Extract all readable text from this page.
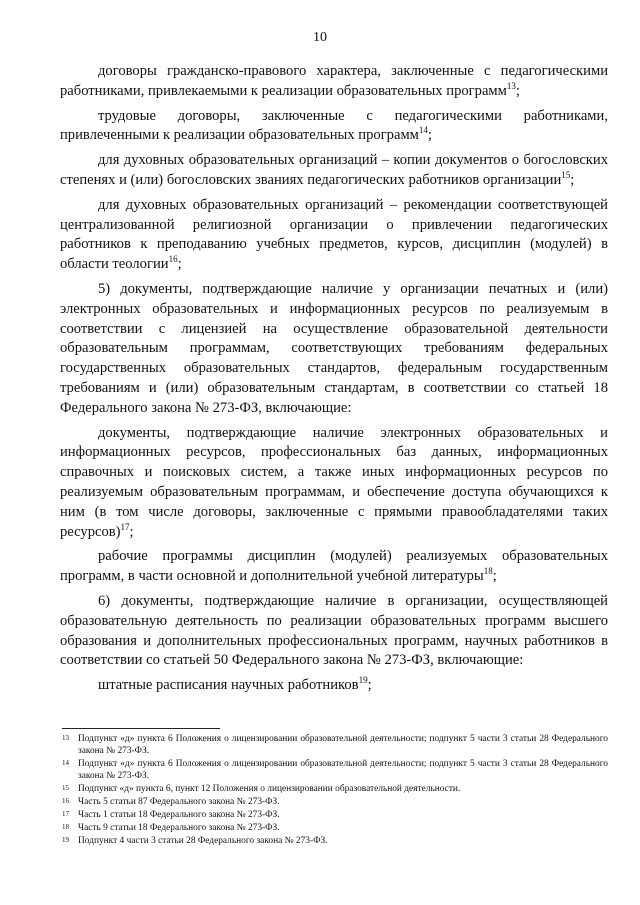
10

договоры гражданско-правового характера, заключенные с педагогическими работниками, привлекаемыми к реализации образовательных программ$^{13}$;

трудовые договоры, заключенные с педагогическими работниками, привлеченными к реализации образовательных программ$^{14}$;

для духовных образовательных организаций – копии документов о богословских степенях и (или) богословских званиях педагогических работников организации$^{15}$;

для духовных образовательных организаций – рекомендации соответствующей централизованной религиозной организации о привлечении педагогических работников к преподаванию учебных предметов, курсов, дисциплин (модулей) в области теологии$^{16}$;

5) документы, подтверждающие наличие у организации печатных и (или) электронных образовательных и информационных ресурсов по реализуемым в соответствии с лицензией на осуществление образовательной деятельности образовательным программам, соответствующих требованиям федеральных государственных образовательных стандартов, федеральным государственным требованиям и (или) образовательным стандартам, в соответствии со статьей 18 Федерального закона № 273-ФЗ, включающие:

документы, подтверждающие наличие электронных образовательных и информационных ресурсов, профессиональных баз данных, информационных справочных и поисковых систем, а также иных информационных ресурсов по реализуемым образовательным программам, и обеспечение доступа обучающихся к ним (в том числе договоры, заключенные с прямыми правообладателями таких ресурсов)$^{17}$;

рабочие программы дисциплин (модулей) реализуемых образовательных программ, в части основной и дополнительной учебной литературы$^{18}$;

6) документы, подтверждающие наличие в организации, осуществляющей образовательную деятельность по реализации образовательных программ высшего образования и дополнительных профессиональных программ, научных работников в соответствии со статьей 50 Федерального закона № 273-ФЗ, включающие:

штатные расписания научных работников$^{19}$;

13 Подпункт «д» пункта 6 Положения о лицензировании образовательной деятельности; подпункт 5 части 3 статьи 28 Федерального закона № 273-ФЗ.
14 Подпункт «д» пункта 6 Положения о лицензировании образовательной деятельности; подпункт 5 части 3 статьи 28 Федерального закона № 273-ФЗ.
15 Подпункт «д» пункта 6, пункт 12 Положения о лицензировании образовательной деятельности.
16 Часть 5 статьи 87 Федерального закона № 273-ФЗ.
17 Часть 1 статьи 18 Федерального закона № 273-ФЗ.
18 Часть 9 статьи 18 Федерального закона № 273-ФЗ.
19 Подпункт 4 части 3 статьи 28 Федерального закона № 273-ФЗ.
